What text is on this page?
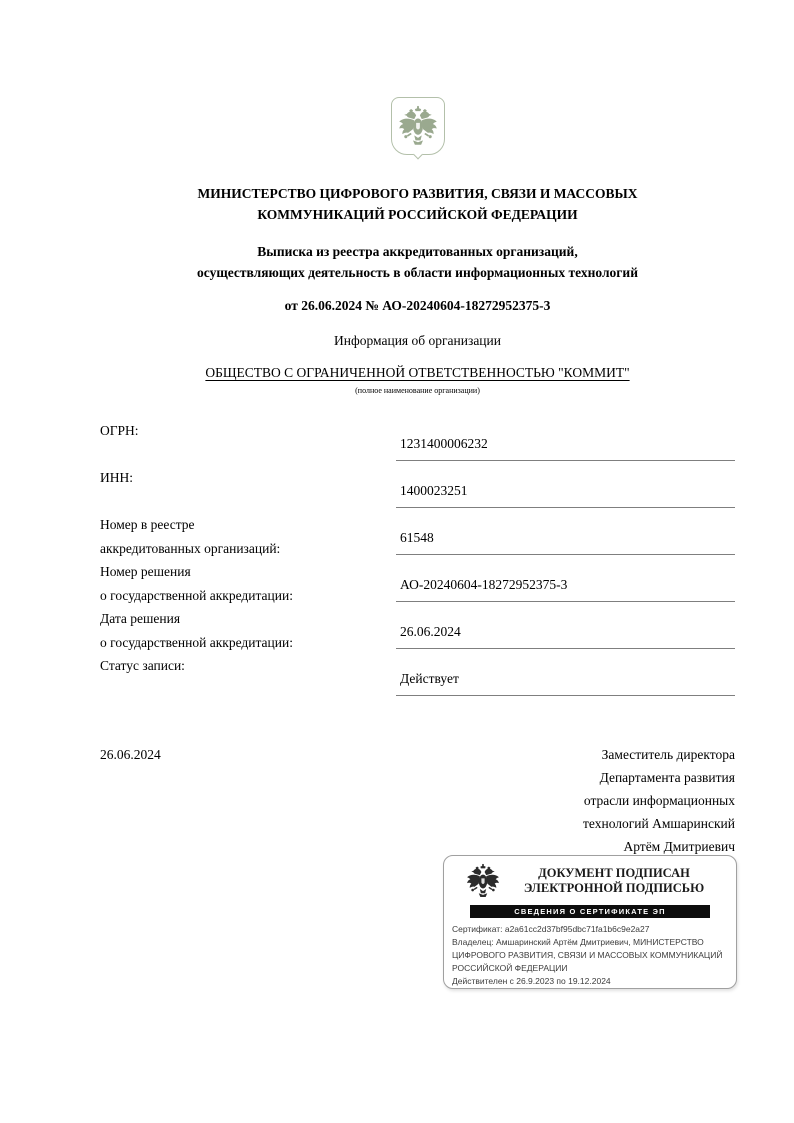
МИНИСТЕРСТВО ЦИФРОВОГО РАЗВИТИЯ, СВЯЗИ И МАССОВЫХ
КОММУНИКАЦИЙ РОССИЙСКОЙ ФЕДЕРАЦИИ
Выписка из реестра аккредитованных организаций,
осуществляющих деятельность в области информационных технологий
от 26.06.2024 № АО-20240604-18272952375-3
Информация об организации
ОБЩЕСТВО С ОГРАНИЧЕННОЙ ОТВЕТСТВЕННОСТЬЮ "КОММИТ"
(полное наименование организации)
ОГРН:
1231400006232
ИНН:
1400023251
Номер в реестре
аккредитованных организаций:
61548
Номер решения
о государственной аккредитации:
АО-20240604-18272952375-3
Дата решения
о государственной аккредитации:
26.06.2024
Статус записи:
Действует
26.06.2024	Заместитель директора
Департамента развития
отрасли информационных
технологий Амшаринский
Артём Дмитриевич
ДОКУМЕНТ ПОДПИСАН
ЭЛЕКТРОННОЙ ПОДПИСЬЮ
СВЕДЕНИЯ О СЕРТИФИКАТЕ ЭП
Сертификат: a2a61cc2d37bf95dbc71fa1b6c9e2a27
Владелец: Амшаринский Артём Дмитриевич, МИНИСТЕРСТВО ЦИФРОВОГО РАЗВИТИЯ, СВЯЗИ И МАССОВЫХ КОММУНИКАЦИЙ РОССИЙСКОЙ ФЕДЕРАЦИИ
Действителен с 26.9.2023 по 19.12.2024
